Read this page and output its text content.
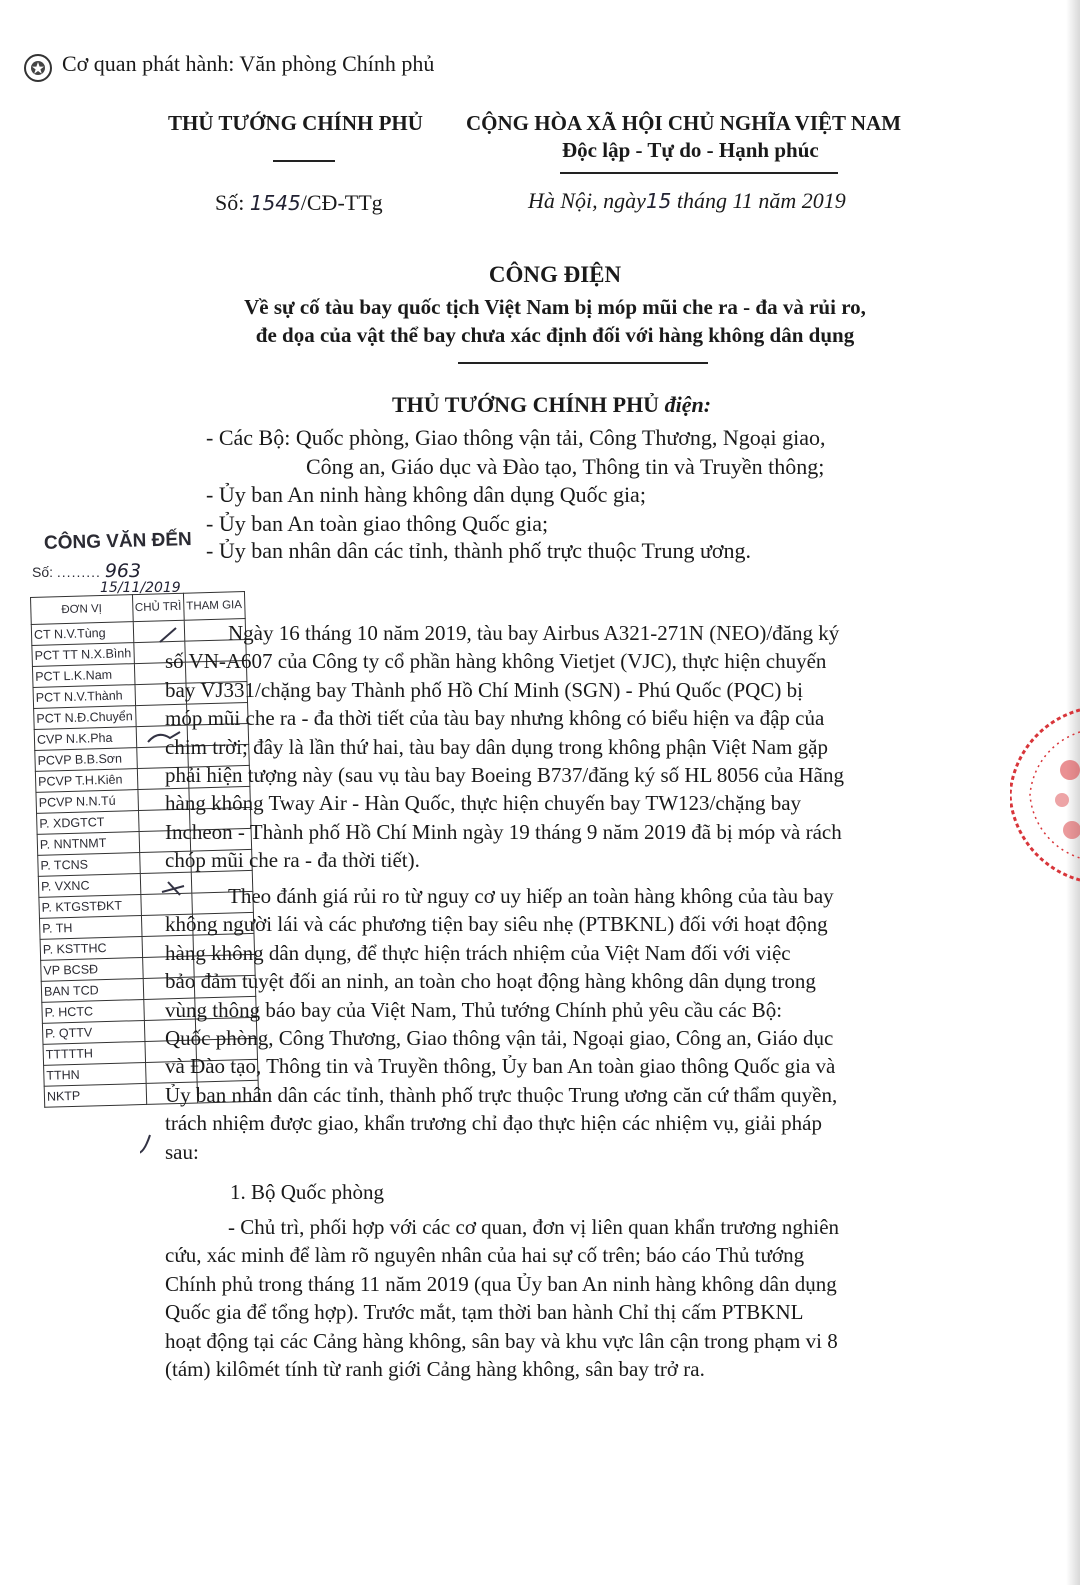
Cơ quan phát hành: Văn phòng Chính phủ
THỦ TƯỚNG CHÍNH PHỦ CỘNG HÒA XÃ HỘI CHỦ NGHĨA VIỆT NAM
Độc lập - Tự do - Hạnh phúc
Số: 1545/CĐ-TTg	Hà Nội, ngày15 tháng 11 năm 2019
CÔNG ĐIỆN
Về sự cố tàu bay quốc tịch Việt Nam bị móp mũi che ra - đa và rủi ro,
đe dọa của vật thể bay chưa xác định đối với hàng không dân dụng
THỦ TƯỚNG CHÍNH PHỦ điện:
- Các Bộ: Quốc phòng, Giao thông vận tải, Công Thương, Ngoại giao,
Công an, Giáo dục và Đào tạo, Thông tin và Truyền thông;
- Ủy ban An ninh hàng không dân dụng Quốc gia;
- Ủy ban An toàn giao thông Quốc gia;
- Ủy ban nhân dân các tỉnh, thành phố trực thuộc Trung ương.
CÔNG VĂN ĐẾN
Số: ......... 963
15/11/2019
ĐƠN VỊ	CHỦ TRÌ	THAM GIA
CT N.V.Tùng		
PCT TT N.X.Bình		
PCT L.K.Nam		
PCT N.V.Thành		
PCT N.Đ.Chuyển		
CVP N.K.Pha		
PCVP B.B.Sơn		
PCVP T.H.Kiên		
PCVP N.N.Tú		
P. XDGTCT		
P. NNTNMT		
P. TCNS		
P. VXNC		
P. KTGSTĐKT		
P. TH		
P. KSTTHC		
VP BCSĐ		
BAN TCD		
P. HCTC		
P. QTTV		
TTTTTH		
TTHN		
NKTP		
Ngày 16 tháng 10 năm 2019, tàu bay Airbus A321-271N (NEO)/đăng ký
số VN-A607 của Công ty cổ phần hàng không Vietjet (VJC), thực hiện chuyến
bay VJ331/chặng bay Thành phố Hồ Chí Minh (SGN) - Phú Quốc (PQC) bị
móp mũi che ra - đa thời tiết của tàu bay nhưng không có biểu hiện va đập của
chim trời; đây là lần thứ hai, tàu bay dân dụng trong không phận Việt Nam gặp
phải hiện tượng này (sau vụ tàu bay Boeing B737/đăng ký số HL 8056 của Hãng
hàng không Tway Air - Hàn Quốc, thực hiện chuyến bay TW123/chặng bay
Incheon - Thành phố Hồ Chí Minh ngày 19 tháng 9 năm 2019 đã bị móp và rách
chóp mũi che ra - đa thời tiết).
Theo đánh giá rủi ro từ nguy cơ uy hiếp an toàn hàng không của tàu bay
không người lái và các phương tiện bay siêu nhẹ (PTBKNL) đối với hoạt động
hàng không dân dụng, để thực hiện trách nhiệm của Việt Nam đối với việc
bảo đảm tuyệt đối an ninh, an toàn cho hoạt động hàng không dân dụng trong
vùng thông báo bay của Việt Nam, Thủ tướng Chính phủ yêu cầu các Bộ:
Quốc phòng, Công Thương, Giao thông vận tải, Ngoại giao, Công an, Giáo dục
và Đào tạo, Thông tin và Truyền thông, Ủy ban An toàn giao thông Quốc gia và
Ủy ban nhân dân các tỉnh, thành phố trực thuộc Trung ương căn cứ thẩm quyền,
trách nhiệm được giao, khẩn trương chỉ đạo thực hiện các nhiệm vụ, giải pháp
sau:
1. Bộ Quốc phòng
- Chủ trì, phối hợp với các cơ quan, đơn vị liên quan khẩn trương nghiên
cứu, xác minh để làm rõ nguyên nhân của hai sự cố trên; báo cáo Thủ tướng
Chính phủ trong tháng 11 năm 2019 (qua Ủy ban An ninh hàng không dân dụng
Quốc gia để tổng hợp). Trước mắt, tạm thời ban hành Chỉ thị cấm PTBKNL
hoạt động tại các Cảng hàng không, sân bay và khu vực lân cận trong phạm vi 8
(tám) kilômét tính từ ranh giới Cảng hàng không, sân bay trở ra.
